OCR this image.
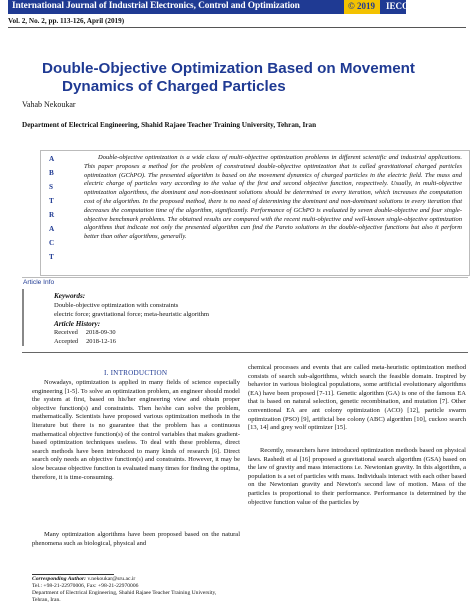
International Journal of Industrial Electronics, Control and Optimization	© 2019 IECO
Vol. 2, No. 2, pp. 113-126, April (2019)
Double-Objective Optimization Based on Movement
Dynamics of Charged Particles
Vahab Nekoukar
Department of Electrical Engineering, Shahid Rajaee Teacher Training University, Tehran, Iran
A
B
S
T
R
A
C
T

Double-objective optimization is a wide class of multi-objective optimization problems in different scientific and industrial applications. This paper proposes a method for the problem of constrained double-objective optimization that is called gravitational charged particles optimization (GChPO). The presented algorithm is based on the movement dynamics of charged particles in the electric field. The mass and electric charge of particles vary according to the value of the first and second objective function, respectively. Usually, in multi-objective optimization algorithms, the dominant and non-dominant solutions should be determined in every iteration, which increases the computation cost of the algorithm. In the proposed method, there is no need of determining the dominant and non-dominant solutions in every iteration that decreases the computation time of the algorithm, significantly. Performance of GChPO is evaluated by seven double-objective and four single-objective benchmark problems. The obtained results are compared with the recent multi-objective and well-known single-objective optimization algorithms that indicate not only the presented algorithm can find the Pareto solutions in the double-objective functions but also it perform better than other algorithms, generally.

Article Info
Keywords:
Double-objective optimization with constraints
electric force; gravitational force; meta-heuristic algorithm
Article History:
Received     2018-09-30
Accepted     2018-12-16
I. INTRODUCTION

Nowadays, optimization is applied in many fields of science especially engineering [1-5]. To solve an optimization problem, an engineer should model the system at first, based on his/her engineering view and obtain proper objective function(s) and constraints. Then he/she can solve the problem, mathematically. Scientists have proposed various optimization methods in the literature but there is no guarantee that the problem has a continuous mathematical objective function(s) of the control variables that makes gradient-based optimization techniques useless. To deal with these problems, direct search methods have been introduced to many kinds of research [6]. Direct search only needs an objective function(s) and constraints. However, it may be slow because objective function is evaluated many times for finding the optima, therefore, it is time-consuming.

Many optimization algorithms have been proposed based on the natural phenomena such as biological, physical and

chemical processes and events that are called meta-heuristic optimization method consists of search sub-algorithms, which search the feasible domain. Inspired by behavior in various biological populations, some artificial evolutionary algorithms (EA) have been proposed [7-11]. Genetic algorithm (GA) is one of the famous EA that is based on natural selection, genetic recombination, and mutation [7]. Other conventional EA are ant colony optimization (ACO) [12], particle swarm optimization (PSO) [9], artificial bee colony (ABC) algorithm [10], cuckoo search [13, 14] and grey wolf optimizer [15].

Recently, researchers have introduced optimization methods based on physical laws. Rashedi et al [16] proposed a gravitational search algorithm (GSA) based on the law of gravity and mass interactions i.e. Newtonian gravity. In this algorithm, a population is a set of particles with mass. Individuals interact with each other based on the Newtonian gravity and Newton's second law of motion. Mass of the particles is proportional to their performance. Performance is determined by the objective function value of the particles by

Corresponding Author: v.nekoukar@sru.ac.ir
Tel.: +98-21-22970006, Fax: +98-21-22970006
Department of Electrical Engineering, Shahid Rajaee Teacher Training University,
Tehran, Iran.
